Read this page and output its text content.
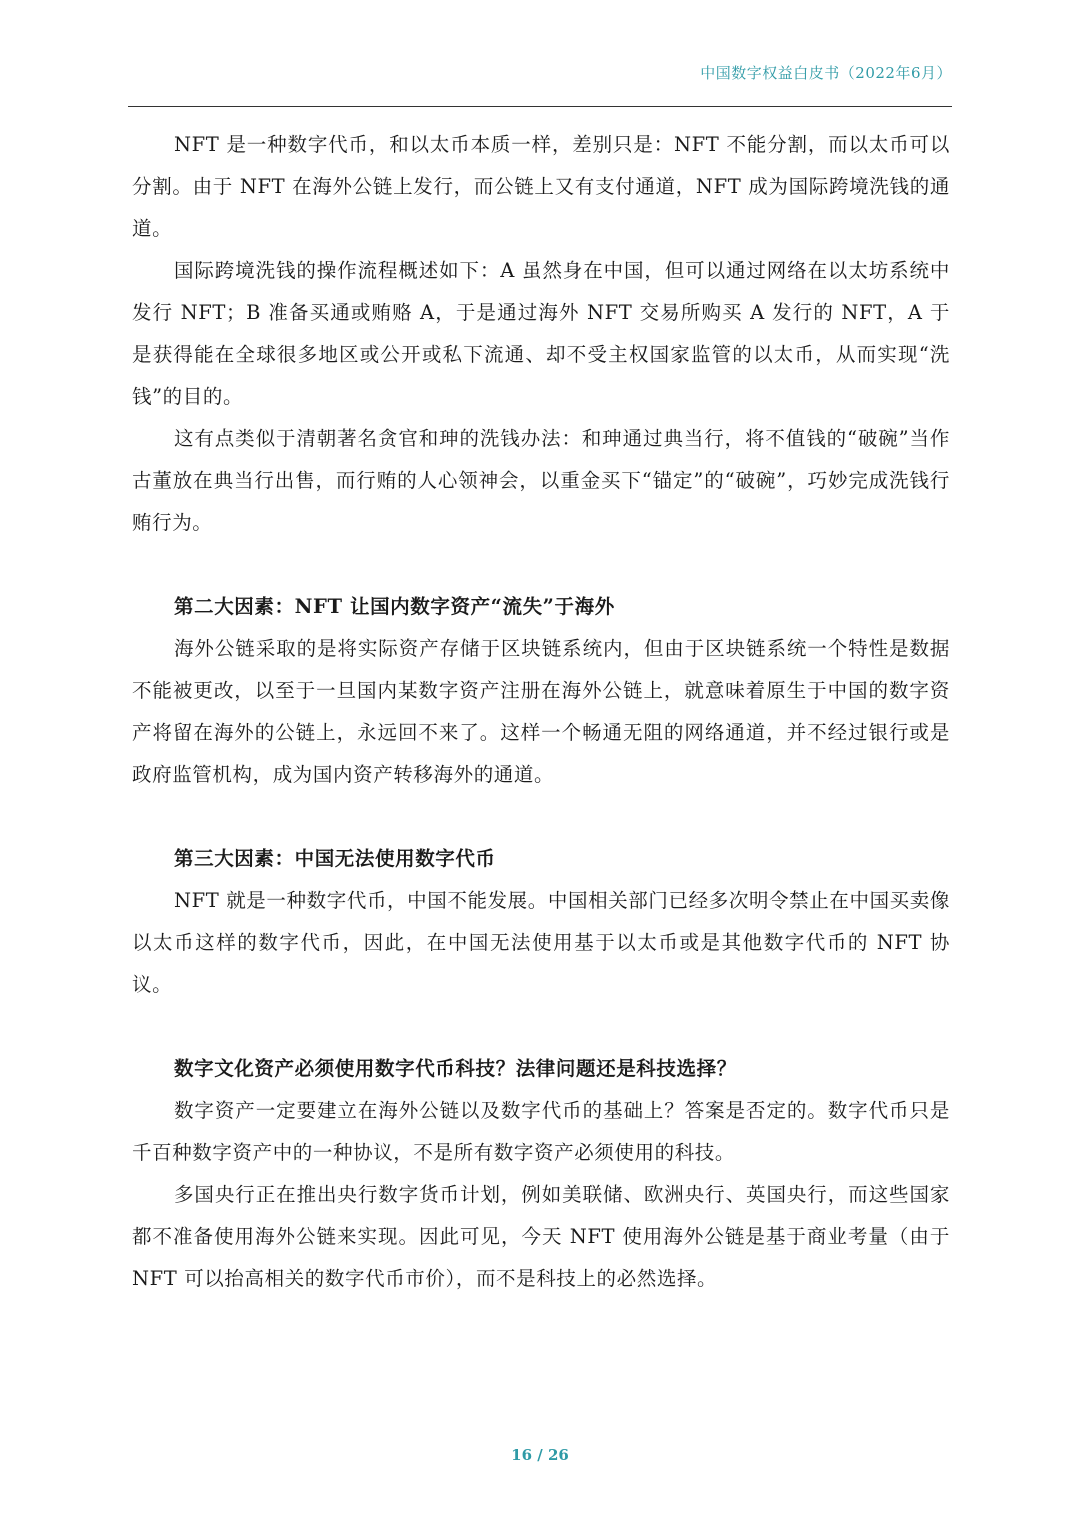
中国数字权益白皮书（2022年6月）

NFT 是一种数字代币，和以太币本质一样，差别只是：NFT 不能分割，而以太币可以分割。由于 NFT 在海外公链上发行，而公链上又有支付通道，NFT 成为国际跨境洗钱的通道。

国际跨境洗钱的操作流程概述如下：A 虽然身在中国，但可以通过网络在以太坊系统中发行 NFT；B 准备买通或贿赂 A，于是通过海外 NFT 交易所购买 A 发行的 NFT，A 于是获得能在全球很多地区或公开或私下流通、却不受主权国家监管的以太币，从而实现“洗钱”的目的。

这有点类似于清朝著名贪官和珅的洗钱办法：和珅通过典当行，将不值钱的“破碗”当作古董放在典当行出售，而行贿的人心领神会，以重金买下“锚定”的“破碗”，巧妙完成洗钱行贿行为。

第二大因素：NFT 让国内数字资产“流失”于海外

海外公链采取的是将实际资产存储于区块链系统内，但由于区块链系统一个特性是数据不能被更改，以至于一旦国内某数字资产注册在海外公链上，就意味着原生于中国的数字资产将留在海外的公链上，永远回不来了。这样一个畅通无阻的网络通道，并不经过银行或是政府监管机构，成为国内资产转移海外的通道。

第三大因素：中国无法使用数字代币

NFT 就是一种数字代币，中国不能发展。中国相关部门已经多次明令禁止在中国买卖像以太币这样的数字代币，因此，在中国无法使用基于以太币或是其他数字代币的 NFT 协议。

数字文化资产必须使用数字代币科技？法律问题还是科技选择？

数字资产一定要建立在海外公链以及数字代币的基础上？答案是否定的。数字代币只是千百种数字资产中的一种协议，不是所有数字资产必须使用的科技。

多国央行正在推出央行数字货币计划，例如美联储、欧洲央行、英国央行，而这些国家都不准备使用海外公链来实现。因此可见，今天 NFT 使用海外公链是基于商业考量（由于 NFT 可以抬高相关的数字代币市价），而不是科技上的必然选择。

16 / 26
